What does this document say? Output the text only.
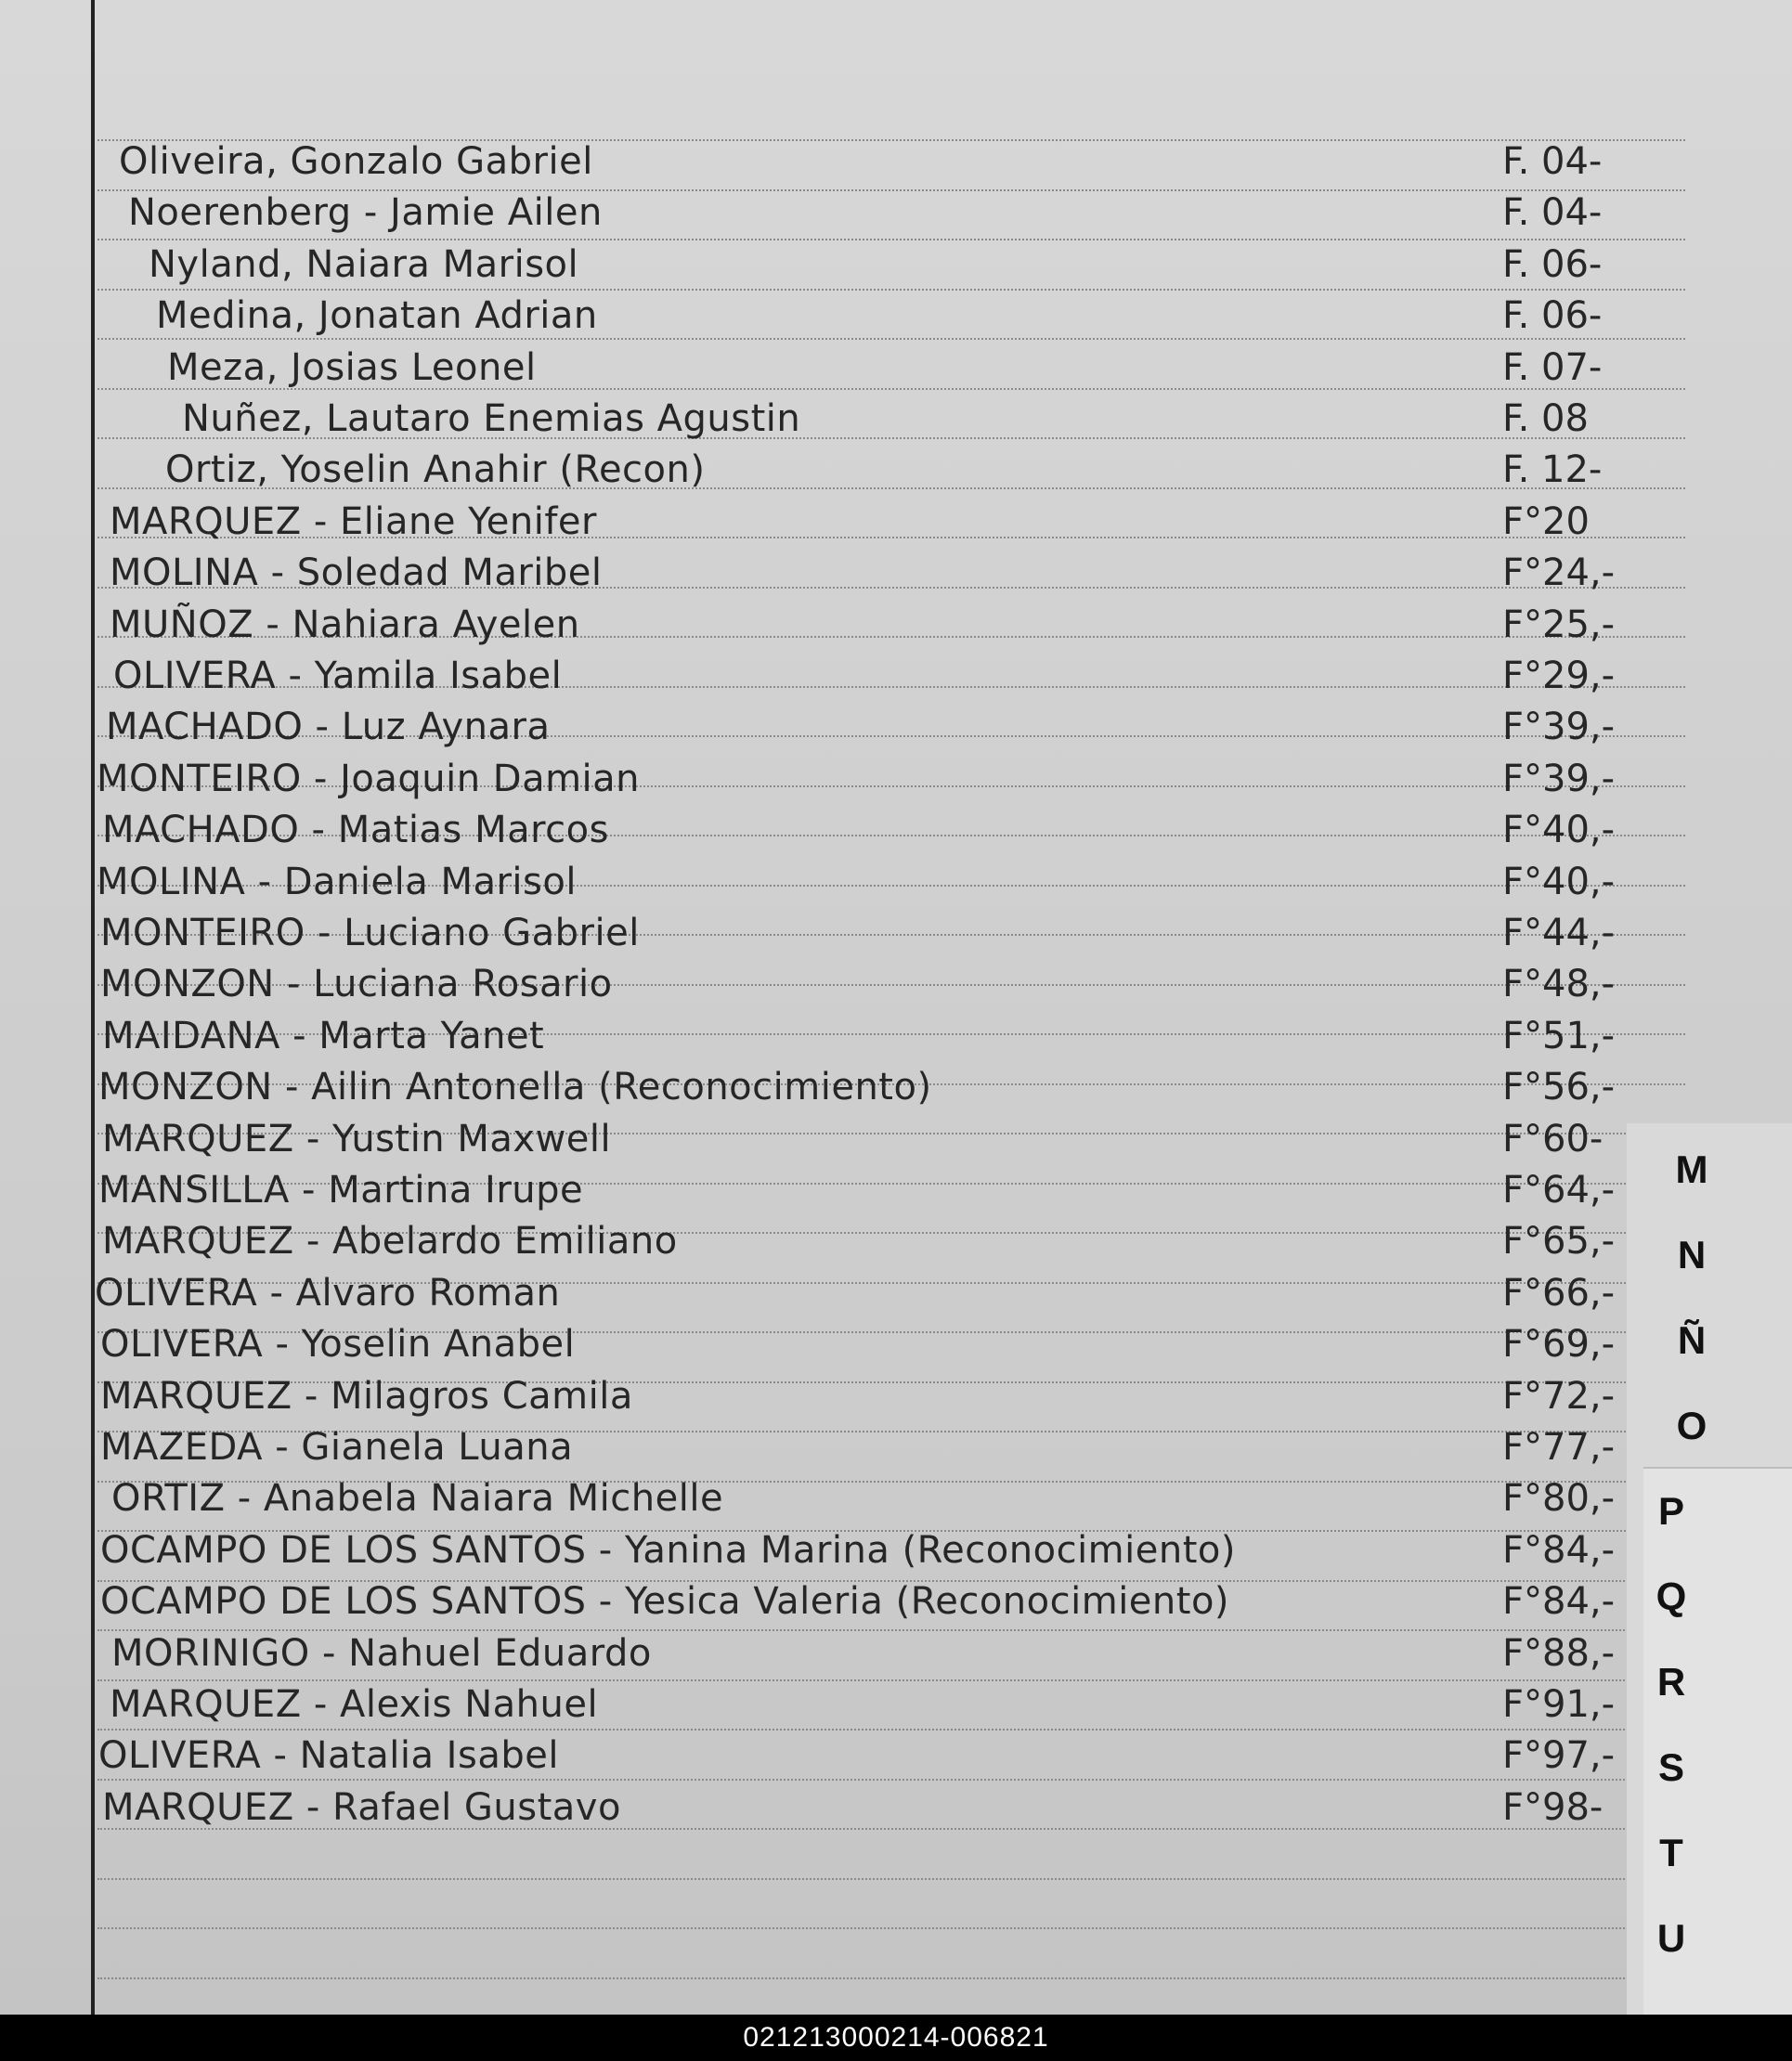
Oliveira, Gonzalo Gabriel	F. 04-
Noerenberg - Jamie Ailen	F. 04-
Nyland, Naiara Marisol	F. 06-
Medina, Jonatan Adrian	F. 06-
Meza, Josias Leonel	F. 07-
Nuñez, Lautaro Enemias Agustin	F. 08
Ortiz, Yoselin Anahir (Recon)	F. 12-
MARQUEZ - Eliane Yenifer	F°20
MOLINA - Soledad Maribel	F°24,-
MUÑOZ - Nahiara Ayelen	F°25,-
OLIVERA - Yamila Isabel	F°29,-
MACHADO - Luz Aynara	F°39,-
MONTEIRO - Joaquin Damian	F°39,-
MACHADO - Matias Marcos	F°40,-
MOLINA - Daniela Marisol	F°40,-
MONTEIRO - Luciano Gabriel	F°44,-
MONZON - Luciana Rosario	F°48,-
MAIDANA - Marta Yanet	F°51,-
MONZON - Ailin Antonella (Reconocimiento)	F°56,-
MARQUEZ - Yustin Maxwell	F°60-
MANSILLA - Martina Irupe	F°64,-
MARQUEZ - Abelardo Emiliano	F°65,-
OLIVERA - Alvaro Roman	F°66,-
OLIVERA - Yoselin Anabel	F°69,-
MARQUEZ - Milagros Camila	F°72,-
MAZEDA - Gianela Luana	F°77,-
ORTIZ - Anabela Naiara Michelle	F°80,-
OCAMPO DE LOS SANTOS - Yanina Marina (Reconocimiento)	F°84,-
OCAMPO DE LOS SANTOS - Yesica Valeria (Reconocimiento)	F°84,-
MORINIGO - Nahuel Eduardo	F°88,-
MARQUEZ - Alexis Nahuel	F°91,-
OLIVERA - Natalia Isabel	F°97,-
MARQUEZ - Rafael Gustavo	F°98-
M
N
Ñ
O
P
Q
R
S
T
U
021213000214-006821
